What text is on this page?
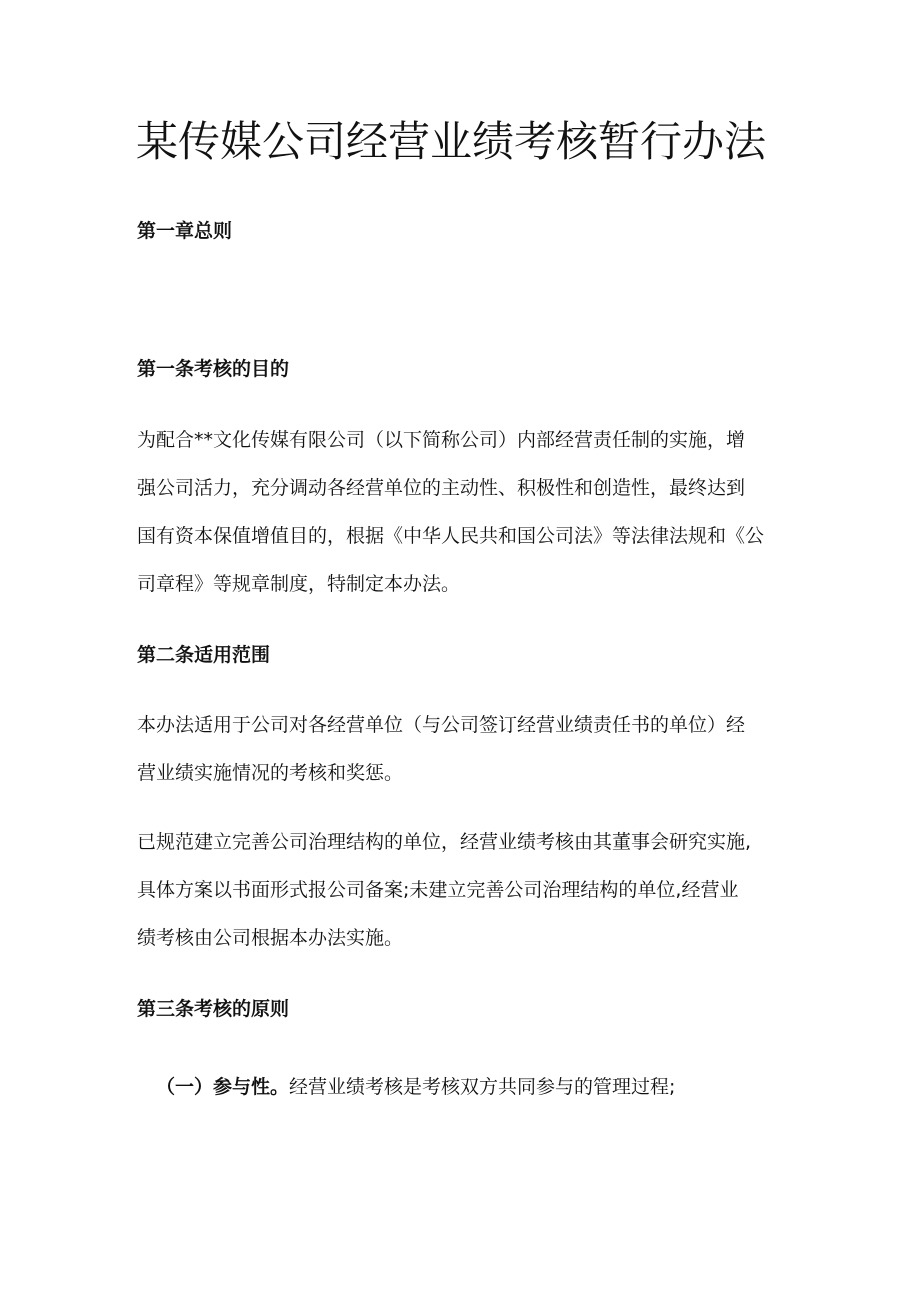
某传媒公司经营业绩考核暂行办法
第一章总则
第一条考核的目的

为配合**文化传媒有限公司（以下简称公司）内部经营责任制的实施，增
强公司活力，充分调动各经营单位的主动性、积极性和创造性，最终达到
国有资本保值增值目的，根据《中华人民共和国公司法》等法律法规和《公
司章程》等规章制度，特制定本办法。

第二条适用范围

本办法适用于公司对各经营单位（与公司签订经营业绩责任书的单位）经
营业绩实施情况的考核和奖惩。

已规范建立完善公司治理结构的单位，经营业绩考核由其董事会研究实施,
具体方案以书面形式报公司备案;未建立完善公司治理结构的单位,经营业
绩考核由公司根据本办法实施。

第三条考核的原则

（一）参与性。经营业绩考核是考核双方共同参与的管理过程;
